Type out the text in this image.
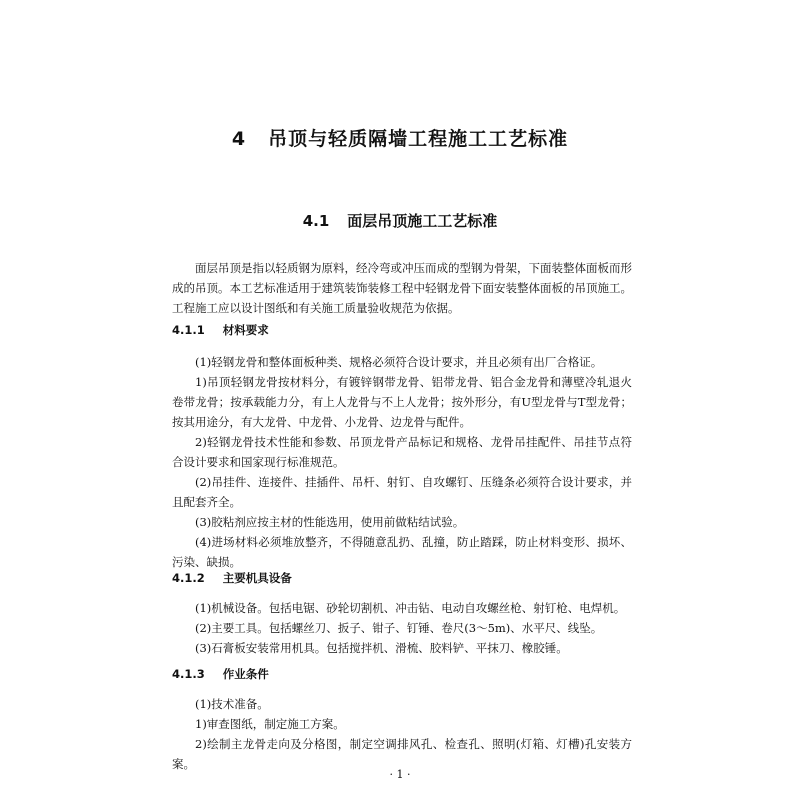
4 吊顶与轻质隔墙工程施工工艺标准
4.1 面层吊顶施工工艺标准

面层吊顶是指以轻质钢为原料，经冷弯或冲压而成的型钢为骨架，下面装整体面板而形成的吊顶。本工艺标准适用于建筑装饰装修工程中轻钢龙骨下面安装整体面板的吊顶施工。工程施工应以设计图纸和有关施工质量验收规范为依据。

4.1.1 材料要求

(1)轻钢龙骨和整体面板种类、规格必须符合设计要求，并且必须有出厂合格证。

1)吊顶轻钢龙骨按材料分，有镀锌钢带龙骨、铝带龙骨、铝合金龙骨和薄壁冷轧退火卷带龙骨；按承载能力分，有上人龙骨与不上人龙骨；按外形分，有U型龙骨与T型龙骨；按其用途分，有大龙骨、中龙骨、小龙骨、边龙骨与配件。

2)轻钢龙骨技术性能和参数、吊顶龙骨产品标记和规格、龙骨吊挂配件、吊挂节点符合设计要求和国家现行标准规范。

(2)吊挂件、连接件、挂插件、吊杆、射钉、自攻螺钉、压缝条必须符合设计要求，并且配套齐全。

(3)胶粘剂应按主材的性能选用，使用前做粘结试验。

(4)进场材料必须堆放整齐，不得随意乱扔、乱撞，防止踏踩，防止材料变形、损坏、污染、缺损。

4.1.2 主要机具设备

(1)机械设备。包括电锯、砂轮切割机、冲击钻、电动自攻螺丝枪、射钉枪、电焊机。

(2)主要工具。包括螺丝刀、扳子、钳子、钉锤、卷尺(3～5m)、水平尺、线坠。

(3)石膏板安装常用机具。包括搅拌机、滑梳、胶料铲、平抹刀、橡胶锤。

4.1.3 作业条件

(1)技术准备。

1)审查图纸，制定施工方案。

2)绘制主龙骨走向及分格图，制定空调排风孔、检查孔、照明(灯箱、灯槽)孔安装方案。

· 1 ·
